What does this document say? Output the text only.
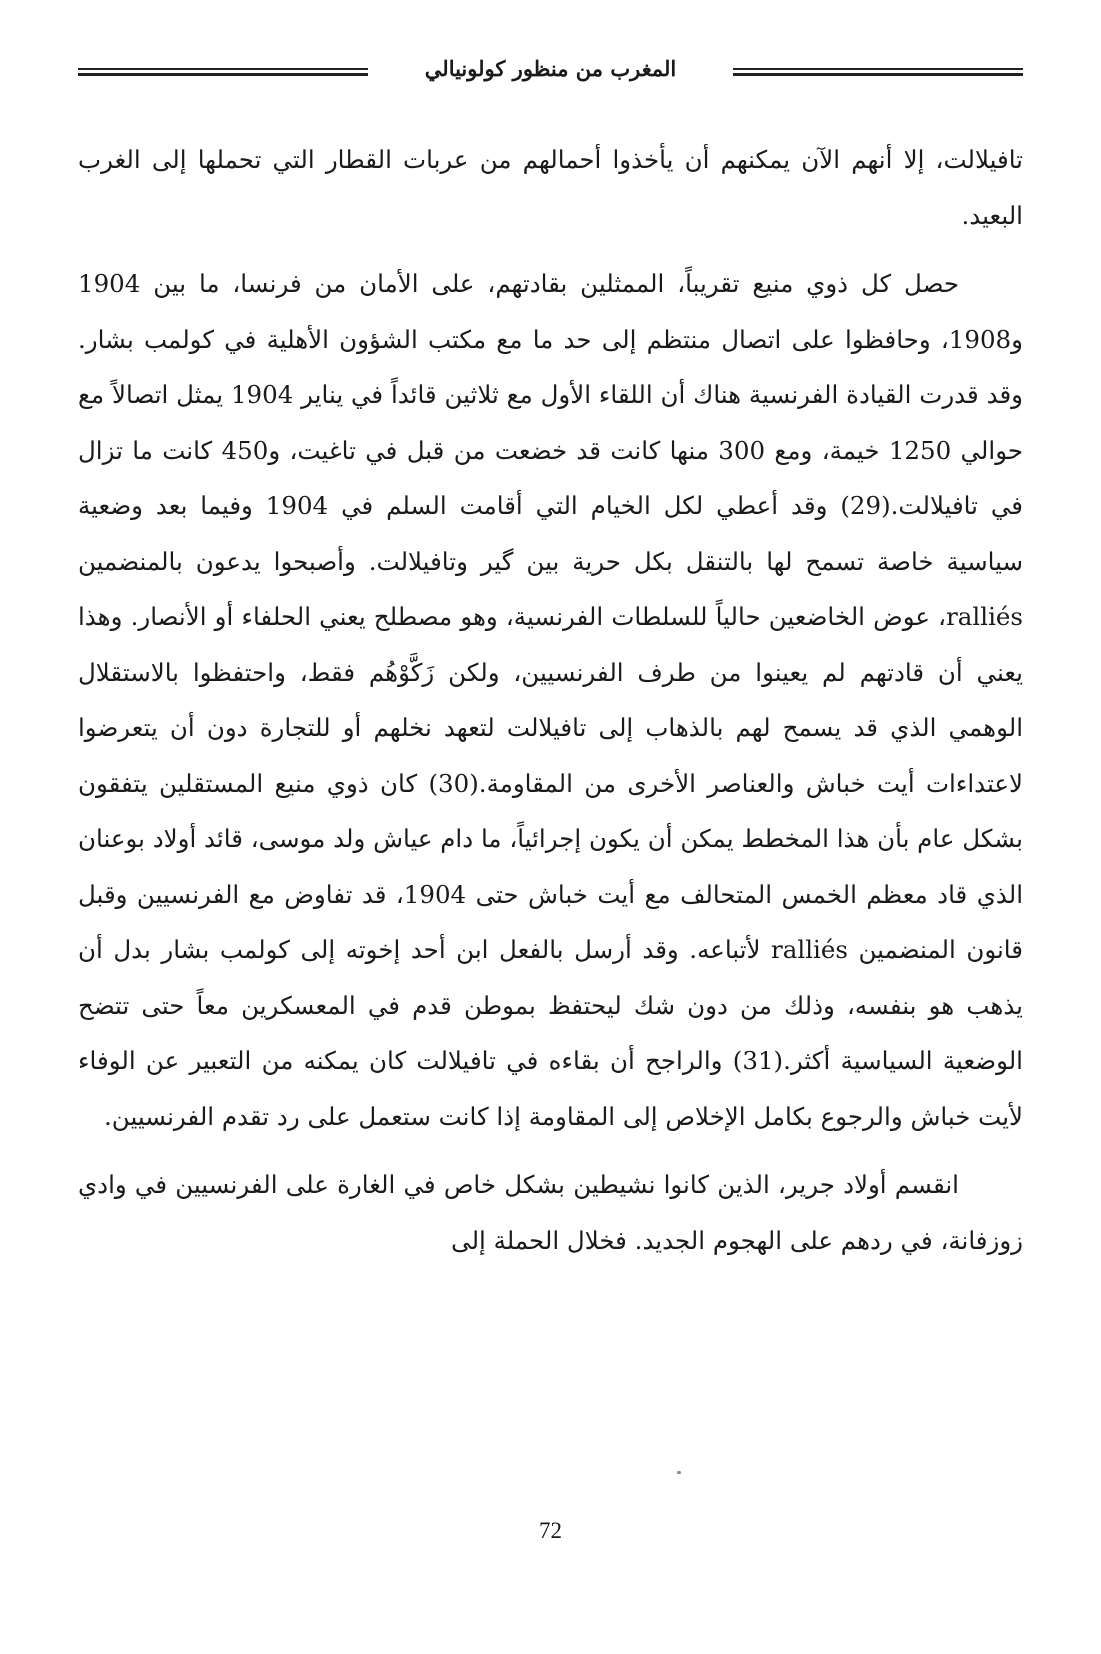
المغرب من منظور كولونيالي

تافيلالت، إلا أنهم الآن يمكنهم أن يأخذوا أحمالهم من عربات القطار التي تحملها إلى الغرب البعيد.

حصل كل ذوي منيع تقريباً، الممثلين بقادتهم، على الأمان من فرنسا، ما بين 1904 و1908، وحافظوا على اتصال منتظم إلى حد ما مع مكتب الشؤون الأهلية في كولمب بشار. وقد قدرت القيادة الفرنسية هناك أن اللقاء الأول مع ثلاثين قائداً في يناير 1904 يمثل اتصالاً مع حوالي 1250 خيمة، ومع 300 منها كانت قد خضعت من قبل في تاغيت، و450 كانت ما تزال في تافيلالت.(29) وقد أعطي لكل الخيام التي أقامت السلم في 1904 وفيما بعد وضعية سياسية خاصة تسمح لها بالتنقل بكل حرية بين گير وتافيلالت. وأصبحوا يدعون بالمنضمين ralliés، عوض الخاضعين حالياً للسلطات الفرنسية، وهو مصطلح يعني الحلفاء أو الأنصار. وهذا يعني أن قادتهم لم يعينوا من طرف الفرنسيين، ولكن زَكَّوْهُم فقط، واحتفظوا بالاستقلال الوهمي الذي قد يسمح لهم بالذهاب إلى تافيلالت لتعهد نخلهم أو للتجارة دون أن يتعرضوا لاعتداءات أيت خباش والعناصر الأخرى من المقاومة.(30) كان ذوي منيع المستقلين يتفقون بشكل عام بأن هذا المخطط يمكن أن يكون إجرائياً، ما دام عياش ولد موسى، قائد أولاد بوعنان الذي قاد معظم الخمس المتحالف مع أيت خباش حتى 1904، قد تفاوض مع الفرنسيين وقبل قانون المنضمين ralliés لأتباعه. وقد أرسل بالفعل ابن أحد إخوته إلى كولمب بشار بدل أن يذهب هو بنفسه، وذلك من دون شك ليحتفظ بموطن قدم في المعسكرين معاً حتى تتضح الوضعية السياسية أكثر.(31) والراجح أن بقاءه في تافيلالت كان يمكنه من التعبير عن الوفاء لأيت خباش والرجوع بكامل الإخلاص إلى المقاومة إذا كانت ستعمل على رد تقدم الفرنسيين.

انقسم أولاد جرير، الذين كانوا نشيطين بشكل خاص في الغارة على الفرنسيين في وادي زوزفانة، في ردهم على الهجوم الجديد. فخلال الحملة إلى

72
